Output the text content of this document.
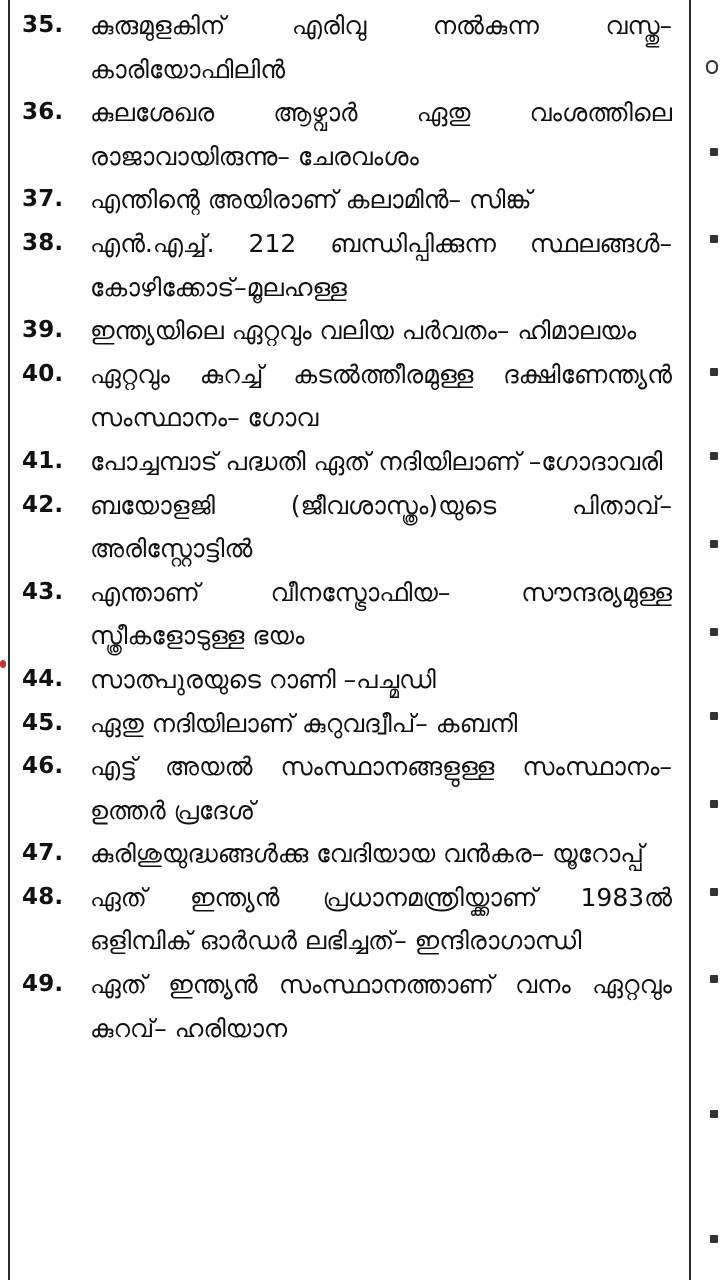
35.	കുരുമുളകിന് എരിവു നൽകുന്ന വസ്തു– കാരിയോഫിലിൻ
36.	കുലശേഖര ആഴ്വാർ ഏതു വംശത്തിലെ രാജാവായിരുന്നു– ചേരവംശം
37.	എന്തിന്റെ അയിരാണ് കലാമിൻ– സിങ്ക്
38.	എൻ.എച്ച്. 212 ബന്ധിപ്പിക്കുന്ന സ്ഥലങ്ങൾ– കോഴിക്കോട്–മൂലഹള്ള
39.	ഇന്ത്യയിലെ ഏറ്റവും വലിയ പർവതം– ഹിമാലയം
40.	ഏറ്റവും കുറച്ച് കടൽത്തീരമുള്ള ദക്ഷിണേന്ത്യൻ സംസ്ഥാനം– ഗോവ
41.	പോച്ചമ്പാട് പദ്ധതി ഏത് നദിയിലാണ് –ഗോദാവരി
42.	ബയോളജി (ജീവശാസ്ത്രം)യുടെ പിതാവ്– അരിസ്റ്റോട്ടിൽ
43.	എന്താണ് വീനസ്ട്രോഫിയ– സൗന്ദര്യമുള്ള സ്ത്രീകളോടുള്ള ഭയം
44.	സാത്പുരയുടെ റാണി –പച്മഡി
45.	ഏതു നദിയിലാണ് കുറുവദ്വീപ്– കബനി
46.	എട്ട് അയൽ സംസ്ഥാനങ്ങളുള്ള സംസ്ഥാനം– ഉത്തർ പ്രദേശ്
47.	കുരിശുയുദ്ധങ്ങൾക്കു വേദിയായ വൻകര– യൂറോപ്പ്
48.	ഏത് ഇന്ത്യൻ പ്രധാനമന്ത്രിയ്ക്കാണ് 1983ൽ ഒളിമ്പിക് ഓർഡർ ലഭിച്ചത്– ഇന്ദിരാഗാന്ധി
49.	ഏത് ഇന്ത്യൻ സംസ്ഥാനത്താണ് വനം ഏറ്റവും കുറവ്– ഹരിയാന
